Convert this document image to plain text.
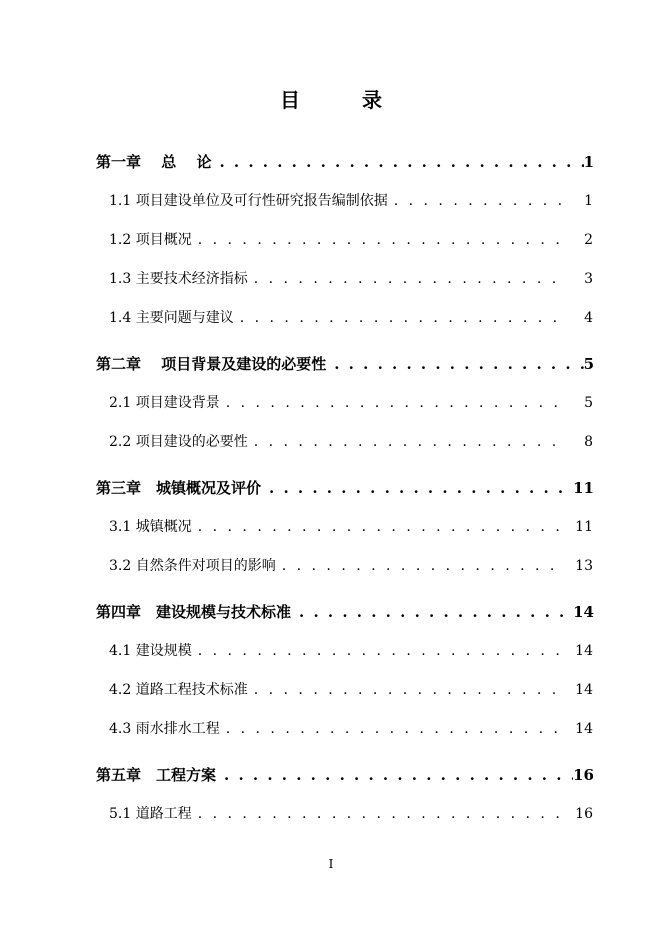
目	录
第一章　 总　 论 . . .	1
1.1 项目建设单位及可行性研究报告编制依据 . . .	1
1.2 项目概况 . . .	2
1.3 主要技术经济指标 . . .	3
1.4 主要问题与建议 . . .	4
第二章　 项目背景及建设的必要性 . . .	5
2.1 项目建设背景 . . .	5
2.2 项目建设的必要性 . . .	8
第三章　城镇概况及评价 . . .	11
3.1 城镇概况 . . .	11
3.2 自然条件对项目的影响 . . .	13
第四章　建设规模与技术标准 . . .	14
4.1 建设规模 . . .	14
4.2 道路工程技术标准 . . .	14
4.3 雨水排水工程 . . .	14
第五章　工程方案 . . .	16
5.1 道路工程 . . .	16
I
